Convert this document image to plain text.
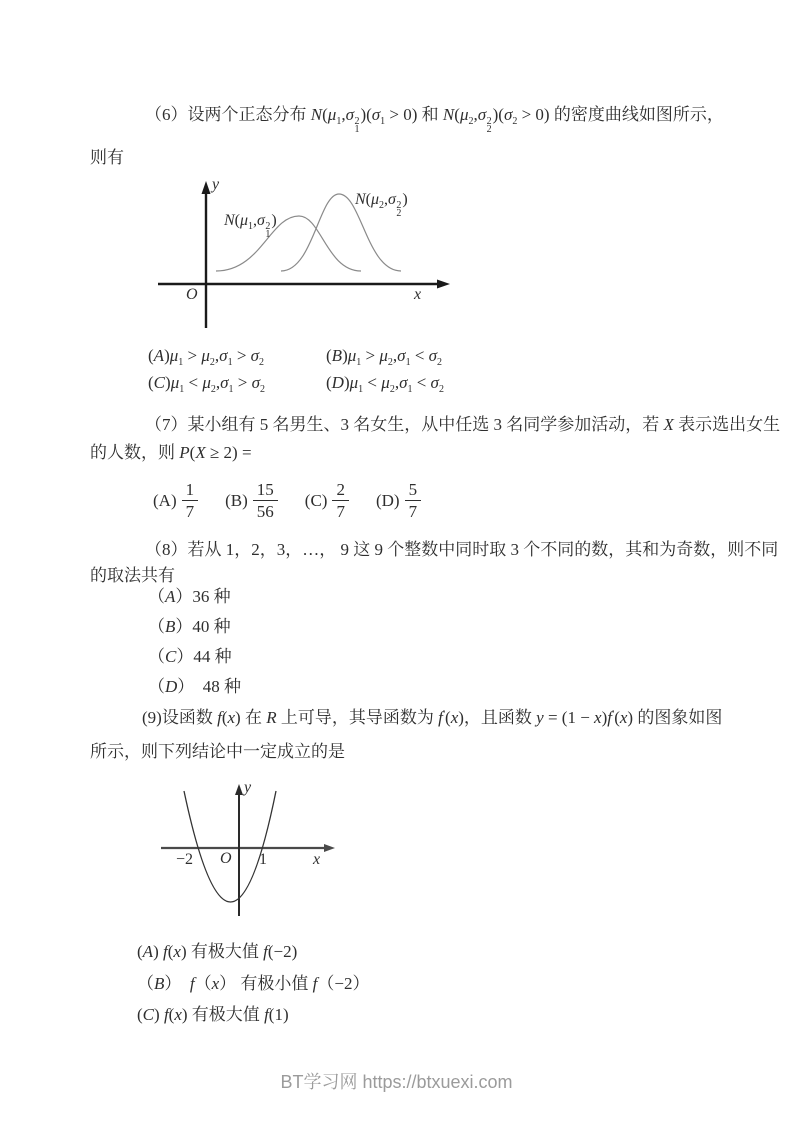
（6）设两个正态分布 $N(\mu_1,\sigma$ 2
1
)$(\sigma_1 > 0)$ 和 $N(\mu_2,\sigma$ 2
2
)$(\sigma_2 > 0)$ 的密度曲线如图所示，
则有
y
x
O
$N(\mu_1,\sigma$ 2
1
)
$N(\mu_2,\sigma$ 2
2
)
$(A)\mu_1 > \mu_2,\sigma_1 > \sigma_2$	$(B)\mu_1 > \mu_2,\sigma_1 < \sigma_2$
$(C)\mu_1 < \mu_2,\sigma_1 > \sigma_2$	$(D)\mu_1 < \mu_2,\sigma_1 < \sigma_2$
（7）某小组有 5 名男生、3 名女生，从中任选 3 名同学参加活动，若 X 表示选出女生
的人数，则 P(X ≥ 2) =
$(A) \frac{1}{7} (B) \frac{15}{56} (C) \frac{2}{7} (D) \frac{5}{7}$
（8）若从 1，2，3，…， 9 这 9 个整数中同时取 3 个不同的数，其和为奇数，则不同
的取法共有
（A）36 种
（B）40 种
（C）44 种
（D）  48 种
(9)设函数 f(x) 在 R 上可导，其导函数为 f′(x)，且函数 y = (1 − x)f′(x) 的图象如图
所示，则下列结论中一定成立的是
y
x
O
−2	1
(A) f(x) 有极大值 f(−2)
（B）  f（x） 有极小值 f（−2）
(C) f(x) 有极大值 f(1)
BT学习网 https://btxuexi.com
